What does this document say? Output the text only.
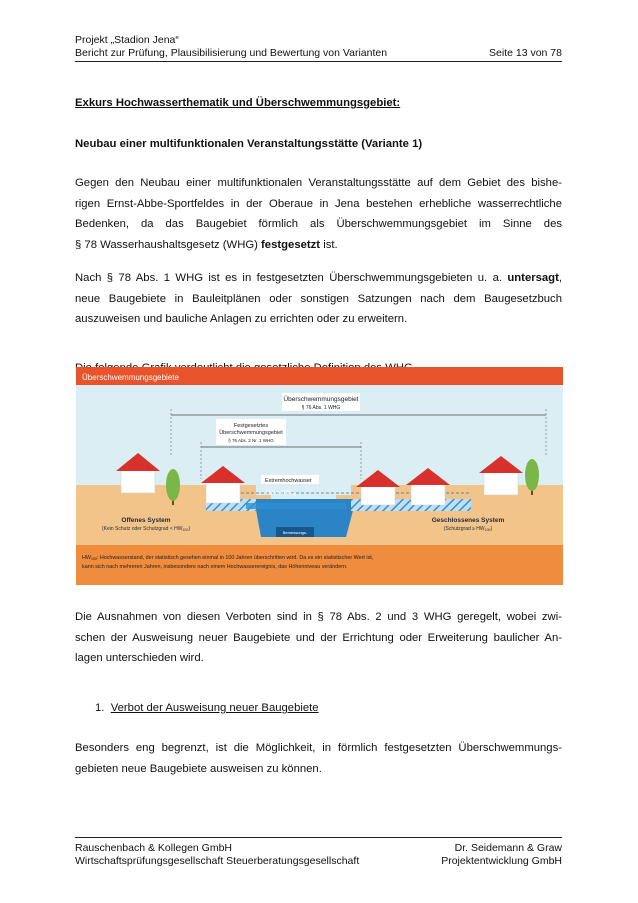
Projekt „Stadion Jena“
Bericht zur Prüfung, Plausibilisierung und Bewertung von Varianten	Seite 13 von 78
Exkurs Hochwasserthematik und Überschwemmungsgebiet:
Neubau einer multifunktionalen Veranstaltungsstätte (Variante 1)
Gegen den Neubau einer multifunktionalen Veranstaltungsstätte auf dem Gebiet des bishe-
rigen Ernst-Abbe-Sportfeldes in der Oberaue in Jena bestehen erhebliche wasserrechtliche
Bedenken, da das Baugebiet förmlich als Überschwemmungsgebiet im Sinne des
§ 78 Wasserhaushaltsgesetz (WHG) festgesetzt ist.
Nach § 78 Abs. 1 WHG ist es in festgesetzten Überschwemmungsgebieten u. a. untersagt,
neue Baugebiete in Bauleitplänen oder sonstigen Satzungen nach dem Baugesetzbuch
auszuweisen und bauliche Anlagen zu errichten oder zu erweitern.
Überschwemmungsgebiete
Bemessungs-
Überschwemmungsgebiet
§ 76 Abs. 1 WHG
Festgesetztes
Überschwemmungsgebiet
§ 76 Abs. 2 Nr. 1 WHG
Extremhochwasser
HW ≥ $HW_{100}$
Offenes System
(Kein Schutz oder Schutzgrad < $HW_{100}$)
Geschlossenes System
(Schutzgrad ≥ $HW_{100}$)
$HW_{100}$: Hochwasserstand, der statistisch gesehen einmal in 100 Jahren überschritten wird. Da es ein statistischer Wert ist,
kann sich nach mehreren Jahren, insbesondere nach einem Hochwasserereignis, das Höhenniveau verändern.
Die Ausnahmen von diesen Verboten sind in § 78 Abs. 2 und 3 WHG geregelt, wobei zwi-
schen der Ausweisung neuer Baugebiete und der Errichtung oder Erweiterung baulicher An-
lagen unterschieden wird.
1. Verbot der Ausweisung neuer Baugebiete
Besonders eng begrenzt, ist die Möglichkeit, in förmlich festgesetzten Überschwemmungs-
gebieten neue Baugebiete ausweisen zu können.
Rauschenbach & Kollegen GmbH
Wirtschaftsprüfungsgesellschaft Steuerberatungsgesellschaft
Dr. Seidemann & Graw
Projektentwicklung GmbH
